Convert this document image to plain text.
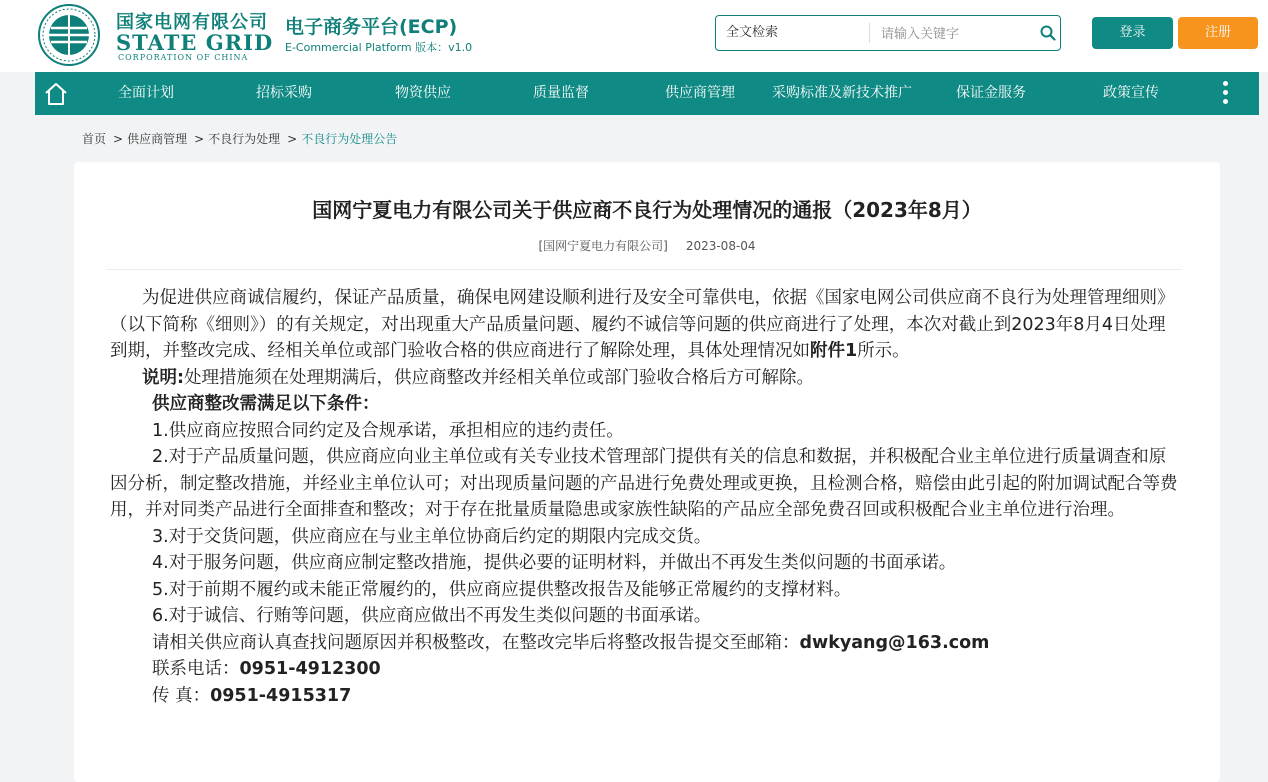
国家电网有限公司
STATE GRID
CORPORATION OF CHINA
电子商务平台(ECP)
E-Commercial Platform 版本：v1.0
全文检索
请输入关键字	登录	注册
全面计划	招标采购	物资供应	质量监督	供应商管理	采购标准及新技术推广	保证金服务	政策宣传
首页 > 供应商管理 > 不良行为处理 > 不良行为处理公告
国网宁夏电力有限公司关于供应商不良行为处理情况的通报（2023年8月）
[国网宁夏电力有限公司] 2023-08-04

为促进供应商诚信履约，保证产品质量，确保电网建设顺利进行及安全可靠供电，依据《国家电网公司供应商不良行为处理管理细则》（以下简称《细则》）的有关规定，对出现重大产品质量问题、履约不诚信等问题的供应商进行了处理，本次对截止到2023年8月4日处理到期，并整改完成、经相关单位或部门验收合格的供应商进行了解除处理，具体处理情况如附件1所示。

说明:处理措施须在处理期满后，供应商整改并经相关单位或部门验收合格后方可解除。

供应商整改需满足以下条件：

1.供应商应按照合同约定及合规承诺，承担相应的违约责任。

2.对于产品质量问题，供应商应向业主单位或有关专业技术管理部门提供有关的信息和数据，并积极配合业主单位进行质量调查和原因分析，制定整改措施，并经业主单位认可；对出现质量问题的产品进行免费处理或更换，且检测合格，赔偿由此引起的附加调试配合等费用，并对同类产品进行全面排查和整改；对于存在批量质量隐患或家族性缺陷的产品应全部免费召回或积极配合业主单位进行治理。

3.对于交货问题，供应商应在与业主单位协商后约定的期限内完成交货。

4.对于服务问题，供应商应制定整改措施，提供必要的证明材料，并做出不再发生类似问题的书面承诺。

5.对于前期不履约或未能正常履约的，供应商应提供整改报告及能够正常履约的支撑材料。

6.对于诚信、行贿等问题，供应商应做出不再发生类似问题的书面承诺。

请相关供应商认真查找问题原因并积极整改，在整改完毕后将整改报告提交至邮箱：dwkyang@163.com

联系电话：0951-4912300

传 真：0951-4915317
